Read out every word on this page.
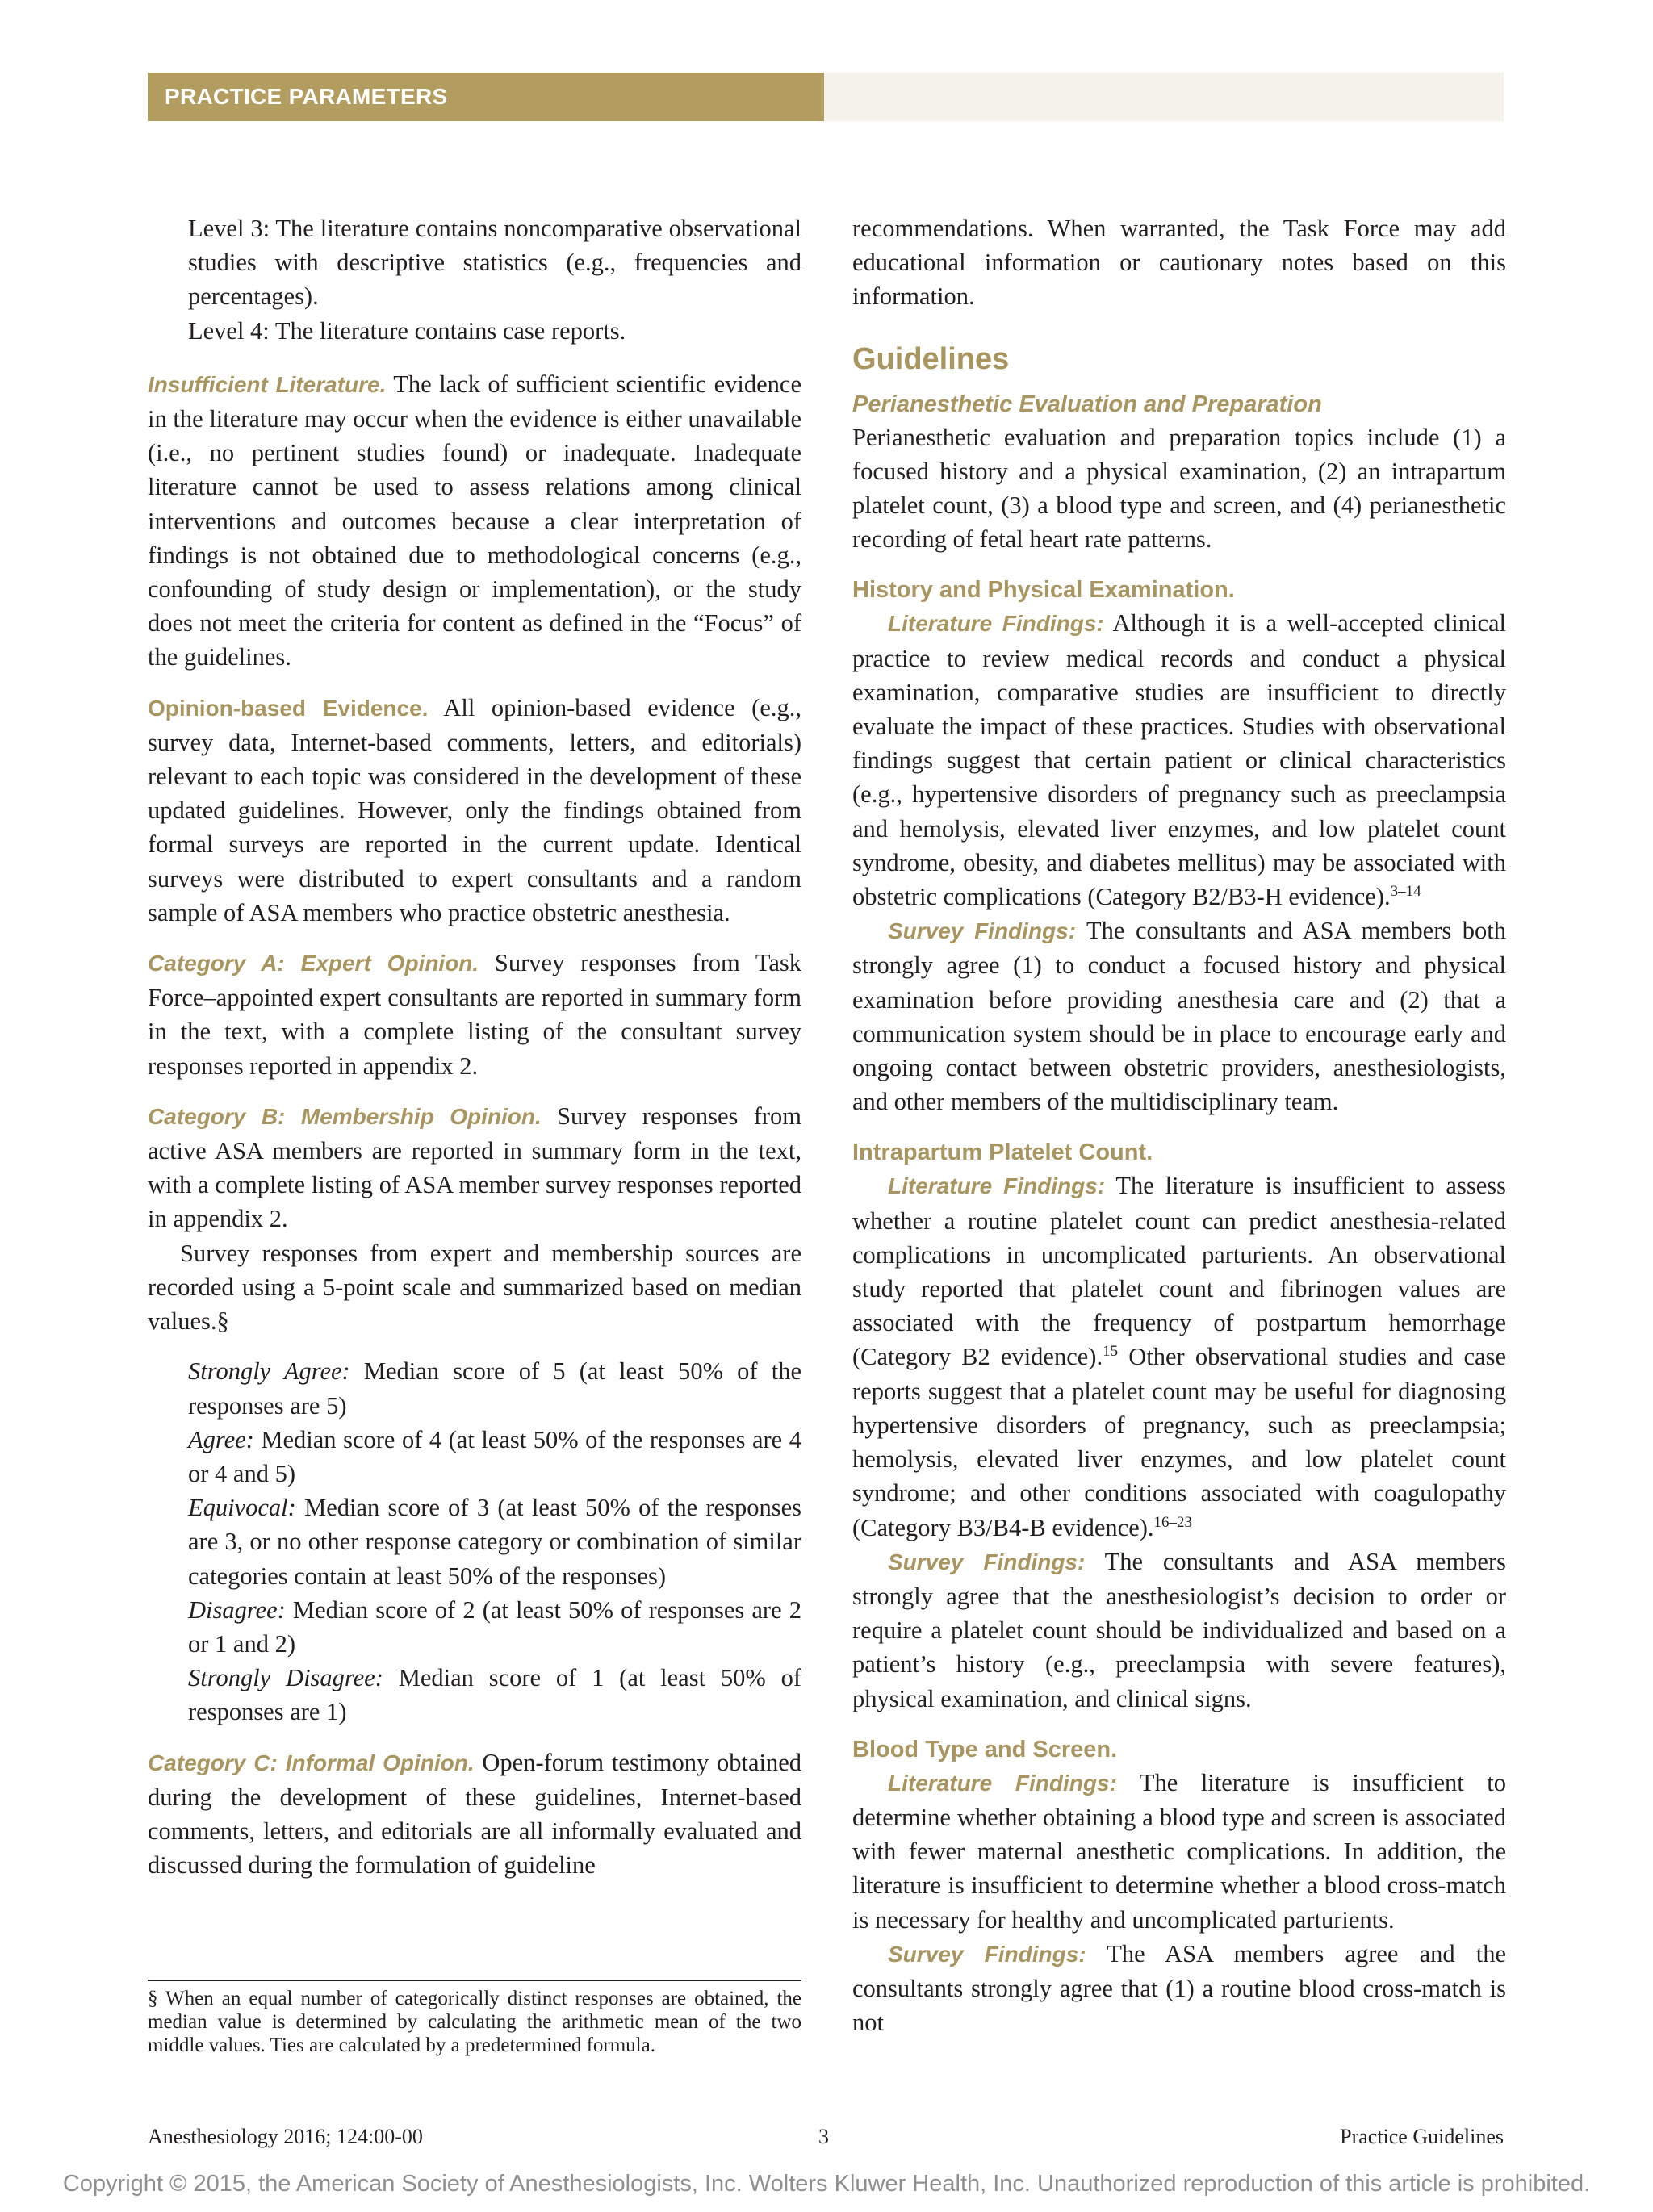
PRACTICE PARAMETERS

Level 3: The literature contains noncomparative observational studies with descriptive statistics (e.g., frequencies and percentages).

Level 4: The literature contains case reports.

Insufficient Literature. The lack of sufficient scientific evidence in the literature may occur when the evidence is either unavailable (i.e., no pertinent studies found) or inadequate. Inadequate literature cannot be used to assess relations among clinical interventions and outcomes because a clear interpretation of findings is not obtained due to methodological concerns (e.g., confounding of study design or implementation), or the study does not meet the criteria for content as defined in the “Focus” of the guidelines.

Opinion-based Evidence. All opinion-based evidence (e.g., survey data, Internet-based comments, letters, and editorials) relevant to each topic was considered in the development of these updated guidelines. However, only the findings obtained from formal surveys are reported in the current update. Identical surveys were distributed to expert consultants and a random sample of ASA members who practice obstetric anesthesia.

Category A: Expert Opinion. Survey responses from Task Force–appointed expert consultants are reported in summary form in the text, with a complete listing of the consultant survey responses reported in appendix 2.

Category B: Membership Opinion. Survey responses from active ASA members are reported in summary form in the text, with a complete listing of ASA member survey responses reported in appendix 2.

Survey responses from expert and membership sources are recorded using a 5-point scale and summarized based on median values.§

Strongly Agree: Median score of 5 (at least 50% of the responses are 5)

Agree: Median score of 4 (at least 50% of the responses are 4 or 4 and 5)

Equivocal: Median score of 3 (at least 50% of the responses are 3, or no other response category or combination of similar categories contain at least 50% of the responses)

Disagree: Median score of 2 (at least 50% of responses are 2 or 1 and 2)

Strongly Disagree: Median score of 1 (at least 50% of responses are 1)

Category C: Informal Opinion. Open-forum testimony obtained during the development of these guidelines, Internet-based comments, letters, and editorials are all informally evaluated and discussed during the formulation of guideline

§ When an equal number of categorically distinct responses are obtained, the median value is determined by calculating the arithmetic mean of the two middle values. Ties are calculated by a predetermined formula.

recommendations. When warranted, the Task Force may add educational information or cautionary notes based on this information.

Guidelines
Perianesthetic Evaluation and Preparation

Perianesthetic evaluation and preparation topics include (1) a focused history and a physical examination, (2) an intrapartum platelet count, (3) a blood type and screen, and (4) perianesthetic recording of fetal heart rate patterns.

History and Physical Examination.

Literature Findings: Although it is a well-accepted clinical practice to review medical records and conduct a physical examination, comparative studies are insufficient to directly evaluate the impact of these practices. Studies with observational findings suggest that certain patient or clinical characteristics (e.g., hypertensive disorders of pregnancy such as preeclampsia and hemolysis, elevated liver enzymes, and low platelet count syndrome, obesity, and diabetes mellitus) may be associated with obstetric complications (Category B2/B3-H evidence).$^{3-14}$

Survey Findings: The consultants and ASA members both strongly agree (1) to conduct a focused history and physical examination before providing anesthesia care and (2) that a communication system should be in place to encourage early and ongoing contact between obstetric providers, anesthesiologists, and other members of the multidisciplinary team.

Intrapartum Platelet Count.

Literature Findings: The literature is insufficient to assess whether a routine platelet count can predict anesthesia-related complications in uncomplicated parturients. An observational study reported that platelet count and fibrinogen values are associated with the frequency of postpartum hemorrhage (Category B2 evidence).$^{15}$ Other observational studies and case reports suggest that a platelet count may be useful for diagnosing hypertensive disorders of pregnancy, such as preeclampsia; hemolysis, elevated liver enzymes, and low platelet count syndrome; and other conditions associated with coagulopathy (Category B3/B4-B evidence).$^{16-23}$

Survey Findings: The consultants and ASA members strongly agree that the anesthesiologist’s decision to order or require a platelet count should be individualized and based on a patient’s history (e.g., preeclampsia with severe features), physical examination, and clinical signs.

Blood Type and Screen.

Literature Findings: The literature is insufficient to determine whether obtaining a blood type and screen is associated with fewer maternal anesthetic complications. In addition, the literature is insufficient to determine whether a blood cross-match is necessary for healthy and uncomplicated parturients.

Survey Findings: The ASA members agree and the consultants strongly agree that (1) a routine blood cross-match is not

Anesthesiology 2016; 124:00-00	3	Practice Guidelines
Copyright © 2015, the American Society of Anesthesiologists, Inc. Wolters Kluwer Health, Inc. Unauthorized reproduction of this article is prohibited.
